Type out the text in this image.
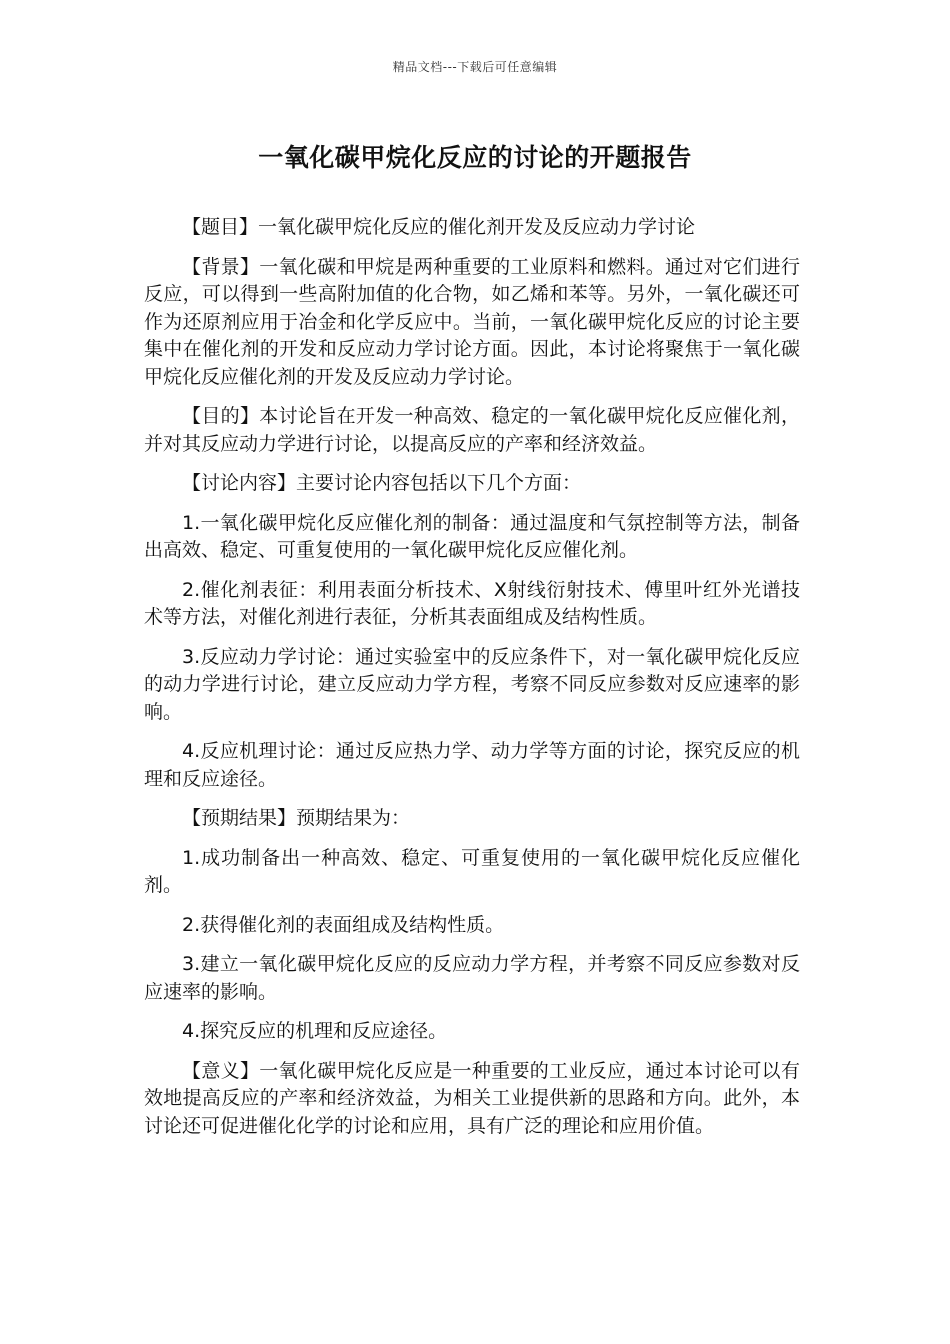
精品文档---下载后可任意编辑
一氧化碳甲烷化反应的讨论的开题报告

【题目】一氧化碳甲烷化反应的催化剂开发及反应动力学讨论

【背景】一氧化碳和甲烷是两种重要的工业原料和燃料。通过对它们进行反应，可以得到一些高附加值的化合物，如乙烯和苯等。另外，一氧化碳还可作为还原剂应用于冶金和化学反应中。当前，一氧化碳甲烷化反应的讨论主要集中在催化剂的开发和反应动力学讨论方面。因此，本讨论将聚焦于一氧化碳甲烷化反应催化剂的开发及反应动力学讨论。

【目的】本讨论旨在开发一种高效、稳定的一氧化碳甲烷化反应催化剂，并对其反应动力学进行讨论，以提高反应的产率和经济效益。

【讨论内容】主要讨论内容包括以下几个方面：

1.一氧化碳甲烷化反应催化剂的制备：通过温度和气氛控制等方法，制备出高效、稳定、可重复使用的一氧化碳甲烷化反应催化剂。

2.催化剂表征：利用表面分析技术、X射线衍射技术、傅里叶红外光谱技术等方法，对催化剂进行表征，分析其表面组成及结构性质。

3.反应动力学讨论：通过实验室中的反应条件下，对一氧化碳甲烷化反应的动力学进行讨论，建立反应动力学方程，考察不同反应参数对反应速率的影响。

4.反应机理讨论：通过反应热力学、动力学等方面的讨论，探究反应的机理和反应途径。

【预期结果】预期结果为：

1.成功制备出一种高效、稳定、可重复使用的一氧化碳甲烷化反应催化剂。

2.获得催化剂的表面组成及结构性质。

3.建立一氧化碳甲烷化反应的反应动力学方程，并考察不同反应参数对反应速率的影响。

4.探究反应的机理和反应途径。

【意义】一氧化碳甲烷化反应是一种重要的工业反应，通过本讨论可以有效地提高反应的产率和经济效益，为相关工业提供新的思路和方向。此外，本讨论还可促进催化化学的讨论和应用，具有广泛的理论和应用价值。
